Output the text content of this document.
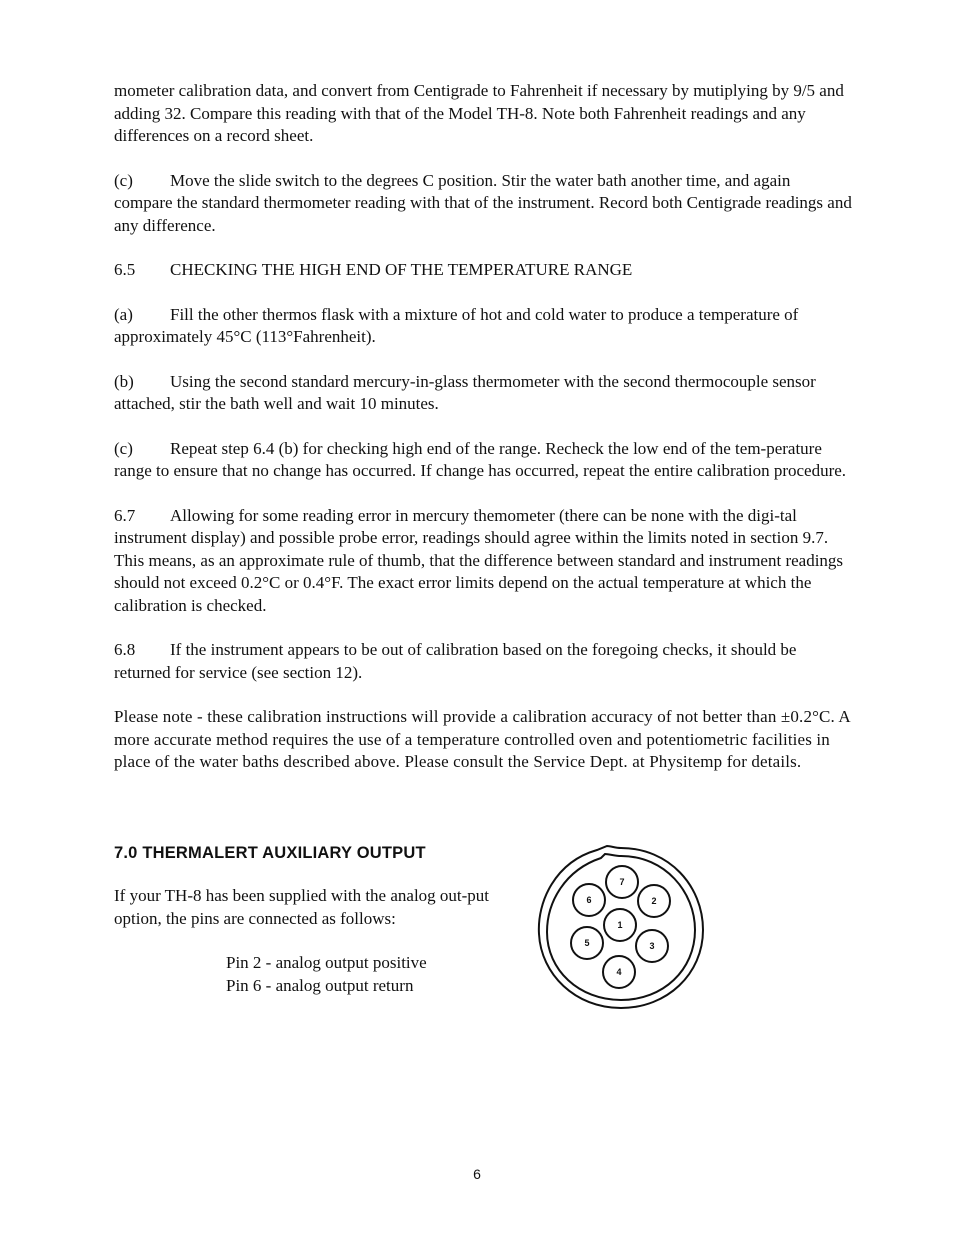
mometer calibration data, and convert from Centigrade to Fahrenheit if necessary by mutiplying by 9/5 and adding 32. Compare this reading with that of the Model TH-8. Note both Fahrenheit readings and any differences on a record sheet.

(c) Move the slide switch to the degrees C position. Stir the water bath another time, and again compare the standard thermometer reading with that of the instrument. Record both Centigrade readings and any difference.

6.5 CHECKING THE HIGH END OF THE TEMPERATURE RANGE

(a) Fill the other thermos flask with a mixture of hot and cold water to produce a temperature of approximately 45°C (113°Fahrenheit).

(b) Using the second standard mercury-in-glass thermometer with the second thermocouple sensor attached, stir the bath well and wait 10 minutes.

(c) Repeat step 6.4 (b) for checking high end of the range. Recheck the low end of the tem-perature range to ensure that no change has occurred. If change has occurred, repeat the entire calibration procedure.

6.7 Allowing for some reading error in mercury themometer (there can be none with the digi-tal instrument display) and possible probe error, readings should agree within the limits noted in section 9.7. This means, as an approximate rule of thumb, that the difference between standard and instrument readings should not exceed 0.2°C or 0.4°F. The exact error limits depend on the actual temperature at which the calibration is checked.

6.8 If the instrument appears to be out of calibration based on the foregoing checks, it should be returned for service (see section 12).

Please note - these calibration instructions will provide a calibration accuracy of not better than ±0.2°C. A more accurate method requires the use of a temperature controlled oven and potentiometric facilities in place of the water baths described above. Please consult the Service Dept. at Physitemp for details.

7.0 THERMALERT AUXILIARY OUTPUT
If your TH-8 has been supplied with the analog out-put option, the pins are connected as follows:
Pin 2 - analog output positive
Pin 6 - analog output return
7
6	2
1
5	3
4
6
